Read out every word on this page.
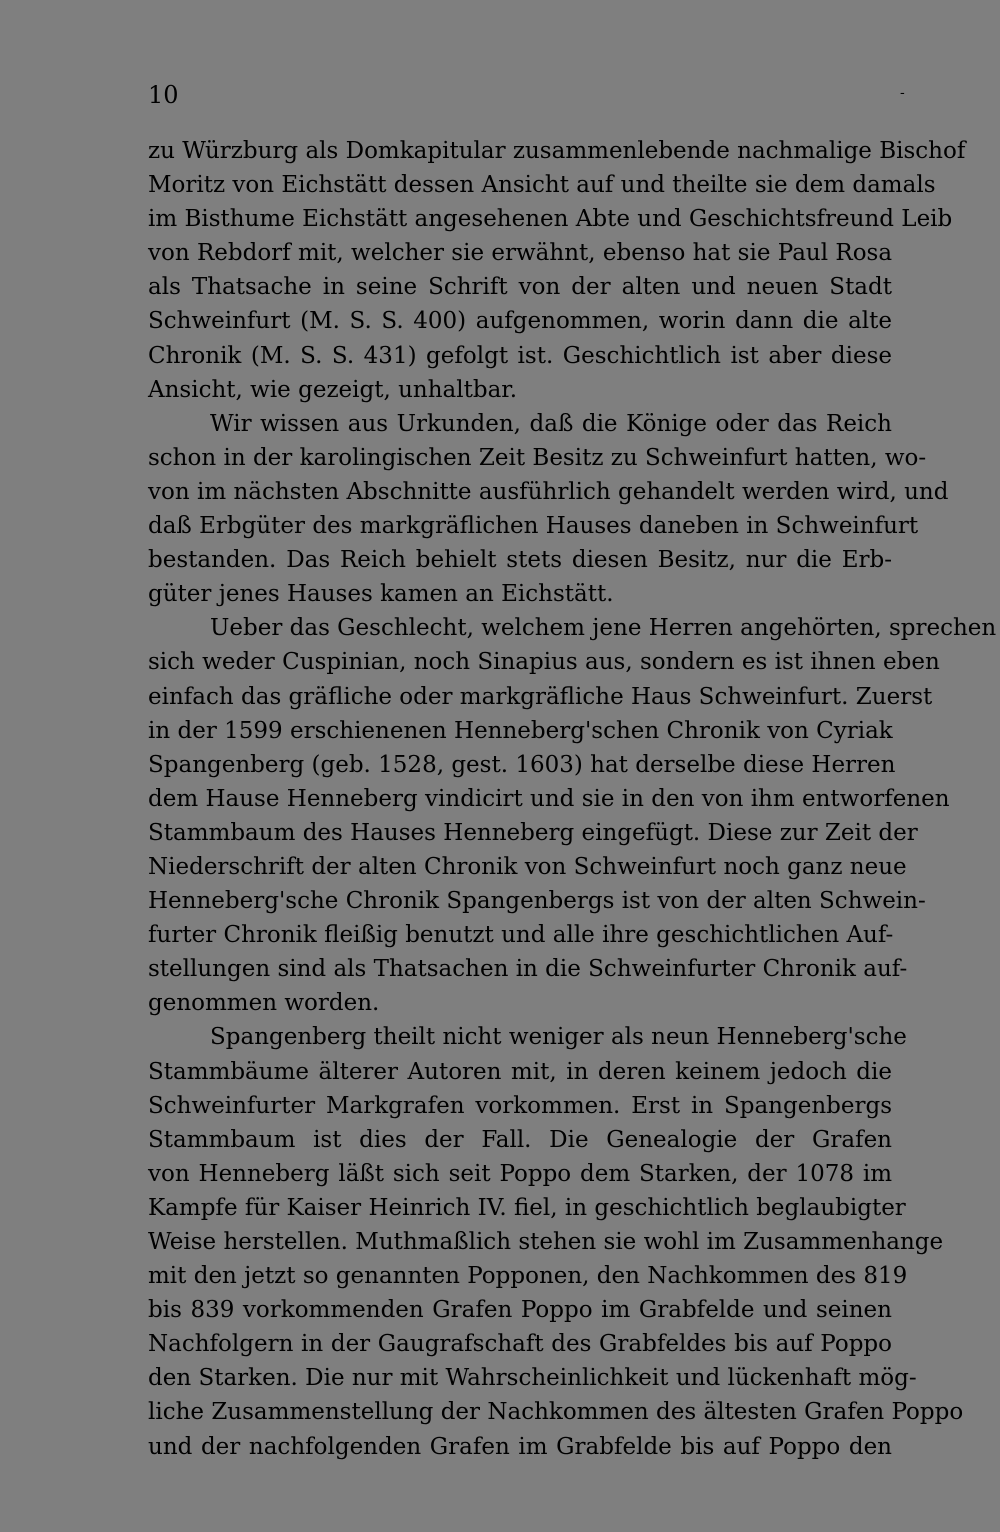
10	-
zu Würzburg als Domkapitular zusammenlebende nachmalige Bischof
Moritz von Eichstätt dessen Ansicht auf und theilte sie dem damals
im Bisthume Eichstätt angesehenen Abte und Geschichtsfreund Leib
von Rebdorf mit, welcher sie erwähnt, ebenso hat sie Paul Rosa
als Thatsache in seine Schrift von der alten und neuen Stadt
Schweinfurt (M. S. S. 400) aufgenommen, worin dann die alte
Chronik (M. S. S. 431) gefolgt ist. Geschichtlich ist aber diese
Ansicht, wie gezeigt, unhaltbar.
Wir wissen aus Urkunden, daß die Könige oder das Reich
schon in der karolingischen Zeit Besitz zu Schweinfurt hatten, wo-
von im nächsten Abschnitte ausführlich gehandelt werden wird, und
daß Erbgüter des markgräflichen Hauses daneben in Schweinfurt
bestanden. Das Reich behielt stets diesen Besitz, nur die Erb-
güter jenes Hauses kamen an Eichstätt.
Ueber das Geschlecht, welchem jene Herren angehörten, sprechen
sich weder Cuspinian, noch Sinapius aus, sondern es ist ihnen eben
einfach das gräfliche oder markgräfliche Haus Schweinfurt. Zuerst
in der 1599 erschienenen Henneberg'schen Chronik von Cyriak
Spangenberg (geb. 1528, gest. 1603) hat derselbe diese Herren
dem Hause Henneberg vindicirt und sie in den von ihm entworfenen
Stammbaum des Hauses Henneberg eingefügt. Diese zur Zeit der
Niederschrift der alten Chronik von Schweinfurt noch ganz neue
Henneberg'sche Chronik Spangenbergs ist von der alten Schwein-
furter Chronik fleißig benutzt und alle ihre geschichtlichen Auf-
stellungen sind als Thatsachen in die Schweinfurter Chronik auf-
genommen worden.
Spangenberg theilt nicht weniger als neun Henneberg'sche
Stammbäume älterer Autoren mit, in deren keinem jedoch die
Schweinfurter Markgrafen vorkommen. Erst in Spangenbergs
Stammbaum ist dies der Fall. Die Genealogie der Grafen
von Henneberg läßt sich seit Poppo dem Starken, der 1078 im
Kampfe für Kaiser Heinrich IV. fiel, in geschichtlich beglaubigter
Weise herstellen. Muthmaßlich stehen sie wohl im Zusammenhange
mit den jetzt so genannten Popponen, den Nachkommen des 819
bis 839 vorkommenden Grafen Poppo im Grabfelde und seinen
Nachfolgern in der Gaugrafschaft des Grabfeldes bis auf Poppo
den Starken. Die nur mit Wahrscheinlichkeit und lückenhaft mög-
liche Zusammenstellung der Nachkommen des ältesten Grafen Poppo
und der nachfolgenden Grafen im Grabfelde bis auf Poppo den
